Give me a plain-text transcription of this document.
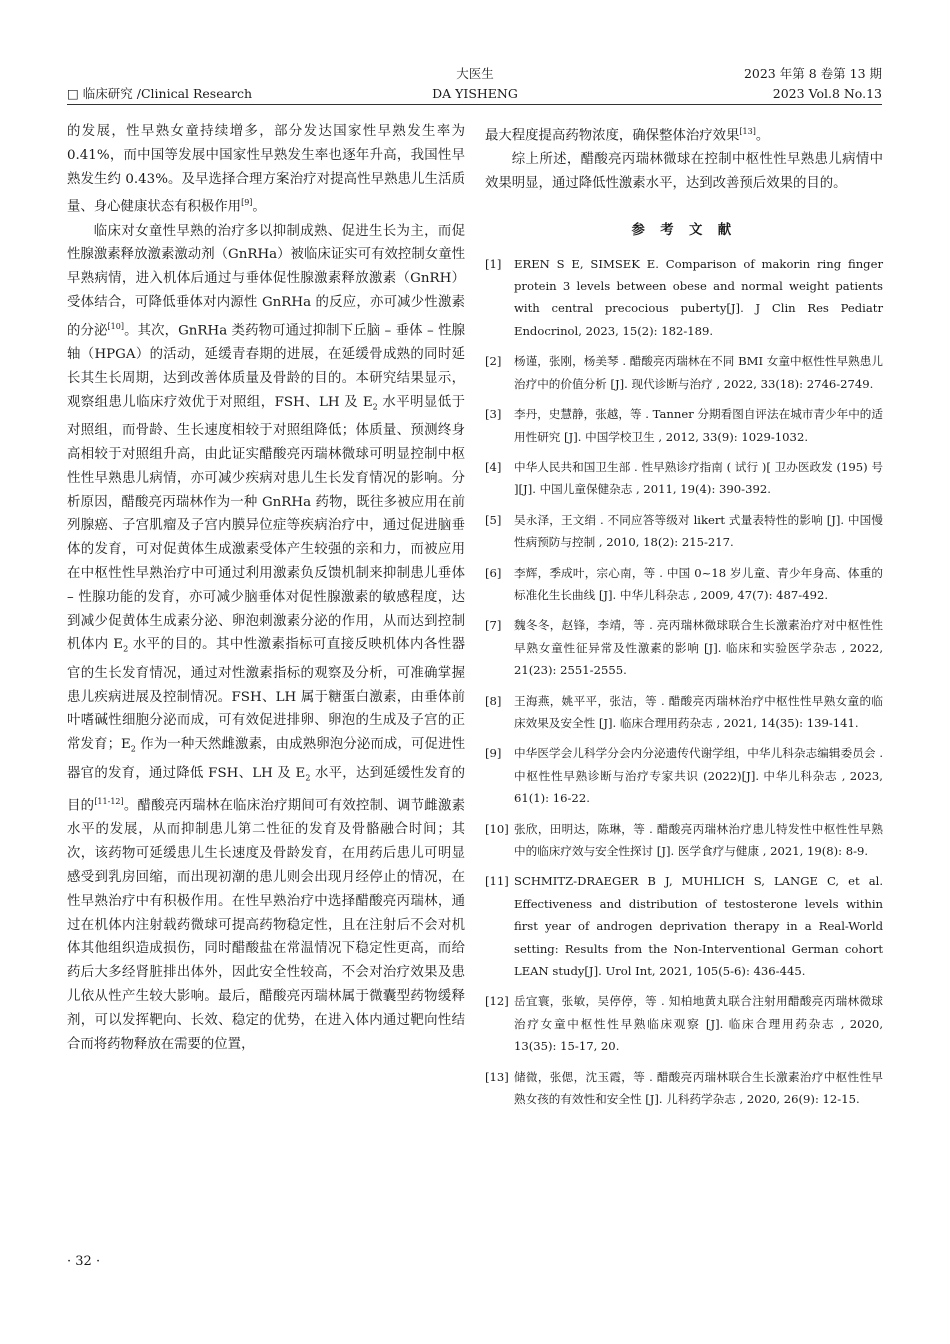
□ 临床研究 /Clinical Research
大医生
DA YISHENG
2023 年第 8 卷第 13 期
2023 Vol.8 No.13

的发展，性早熟女童持续增多，部分发达国家性早熟发生率为 0.41%，而中国等发展中国家性早熟发生率也逐年升高，我国性早熟发生约 0.43%。及早选择合理方案治疗对提高性早熟患儿生活质量、身心健康状态有积极作用[9]。

临床对女童性早熟的治疗多以抑制成熟、促进生长为主，而促性腺激素释放激素激动剂（GnRHa）被临床证实可有效控制女童性早熟病情，进入机体后通过与垂体促性腺激素释放激素（GnRH）受体结合，可降低垂体对内源性 GnRHa 的反应，亦可减少性激素的分泌[10]。其次，GnRHa 类药物可通过抑制下丘脑 – 垂体 – 性腺轴（HPGA）的活动，延缓青春期的进展，在延缓骨成熟的同时延长其生长周期，达到改善体质量及骨龄的目的。本研究结果显示，观察组患儿临床疗效优于对照组，FSH、LH 及 $E_2$ 水平明显低于对照组，而骨龄、生长速度相较于对照组降低；体质量、预测终身高相较于对照组升高，由此证实醋酸亮丙瑞林微球可明显控制中枢性性早熟患儿病情，亦可减少疾病对患儿生长发育情况的影响。分析原因，醋酸亮丙瑞林作为一种 GnRHa 药物，既往多被应用在前列腺癌、子宫肌瘤及子宫内膜异位症等疾病治疗中，通过促进脑垂体的发育，可对促黄体生成激素受体产生较强的亲和力，而被应用在中枢性性早熟治疗中可通过利用激素负反馈机制来抑制患儿垂体 – 性腺功能的发育，亦可减少脑垂体对促性腺激素的敏感程度，达到减少促黄体生成素分泌、卵泡刺激素分泌的作用，从而达到控制机体内 $E_2$ 水平的目的。其中性激素指标可直接反映机体内各性器官的生长发育情况，通过对性激素指标的观察及分析，可准确掌握患儿疾病进展及控制情况。FSH、LH 属于糖蛋白激素，由垂体前叶嗜碱性细胞分泌而成，可有效促进排卵、卵泡的生成及子宫的正常发育；$E_2$ 作为一种天然雌激素，由成熟卵泡分泌而成，可促进性器官的发育，通过降低 FSH、LH 及 $E_2$ 水平，达到延缓性发育的目的[11-12]。醋酸亮丙瑞林在临床治疗期间可有效控制、调节雌激素水平的发展，从而抑制患儿第二性征的发育及骨骼融合时间；其次，该药物可延缓患儿生长速度及骨龄发育，在用药后患儿可明显感受到乳房回缩，而出现初潮的患儿则会出现月经停止的情况，在性早熟治疗中有积极作用。在性早熟治疗中选择醋酸亮丙瑞林，通过在机体内注射载药微球可提高药物稳定性，且在注射后不会对机体其他组织造成损伤，同时醋酸盐在常温情况下稳定性更高，而给药后大多经肾脏排出体外，因此安全性较高，不会对治疗效果及患儿依从性产生较大影响。最后，醋酸亮丙瑞林属于微囊型药物缓释剂，可以发挥靶向、长效、稳定的优势，在进入体内通过靶向性结合而将药物释放在需要的位置，

最大程度提高药物浓度，确保整体治疗效果[13]。

综上所述，醋酸亮丙瑞林微球在控制中枢性性早熟患儿病情中效果明显，通过降低性激素水平，达到改善预后效果的目的。

参 考 文 献
[1]	EREN S E, SIMSEK E. Comparison of makorin ring finger protein 3 levels between obese and normal weight patients with central precocious puberty[J]. J Clin Res Pediatr Endocrinol, 2023, 15(2): 182-189.
[2]	杨谨，张刚，杨美琴 . 醋酸亮丙瑞林在不同 BMI 女童中枢性性早熟患儿治疗中的价值分析 [J]. 现代诊断与治疗 , 2022, 33(18): 2746-2749.
[3]	李丹，史慧静，张越，等 . Tanner 分期看图自评法在城市青少年中的适用性研究 [J]. 中国学校卫生 , 2012, 33(9): 1029-1032.
[4]	中华人民共和国卫生部 . 性早熟诊疗指南 ( 试行 )[ 卫办医政发 (195) 号 ][J]. 中国儿童保健杂志 , 2011, 19(4): 390-392.
[5]	吴永泽，王文绢 . 不同应答等级对 likert 式量表特性的影响 [J]. 中国慢性病预防与控制 , 2010, 18(2): 215-217.
[6]	李辉，季成叶，宗心南，等 . 中国 0~18 岁儿童、青少年身高、体重的标准化生长曲线 [J]. 中华儿科杂志 , 2009, 47(7): 487-492.
[7]	魏冬冬，赵锋，李靖，等 . 亮丙瑞林微球联合生长激素治疗对中枢性性早熟女童性征异常及性激素的影响 [J]. 临床和实验医学杂志 , 2022, 21(23): 2551-2555.
[8]	王海燕，姚平平，张洁，等 . 醋酸亮丙瑞林治疗中枢性性早熟女童的临床效果及安全性 [J]. 临床合理用药杂志 , 2021, 14(35): 139-141.
[9]	中华医学会儿科学分会内分泌遗传代谢学组，中华儿科杂志编辑委员会 . 中枢性性早熟诊断与治疗专家共识 (2022)[J]. 中华儿科杂志 , 2023, 61(1): 16-22.
[10] 张欣，田明达，陈琳，等 . 醋酸亮丙瑞林治疗患儿特发性中枢性性早熟中的临床疗效与安全性探讨 [J]. 医学食疗与健康 , 2021, 19(8): 8-9.
[11] SCHMITZ-DRAEGER B J, MUHLICH S, LANGE C, et al. Effectiveness and distribution of testosterone levels within first year of androgen deprivation therapy in a Real-World setting: Results from the Non-Interventional German cohort LEAN study[J]. Urol Int, 2021, 105(5-6): 436-445.
[12] 岳宜寰，张敏，吴停停，等 . 知柏地黄丸联合注射用醋酸亮丙瑞林微球治疗女童中枢性性早熟临床观察 [J]. 临床合理用药杂志 , 2020, 13(35): 15-17, 20.
[13] 储微，张偲，沈玉霞，等 . 醋酸亮丙瑞林联合生长激素治疗中枢性性早熟女孩的有效性和安全性 [J]. 儿科药学杂志 , 2020, 26(9): 12-15.
· 32 ·
